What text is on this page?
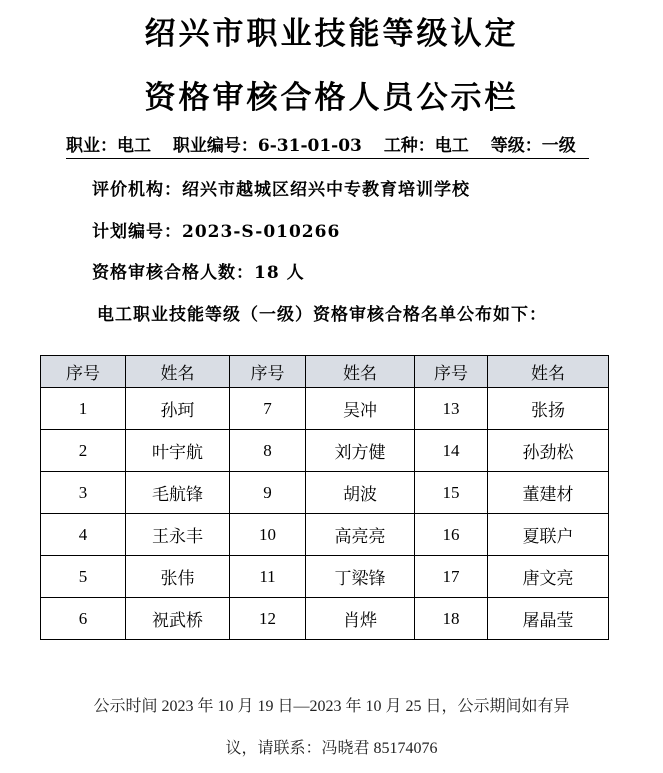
绍兴市职业技能等级认定
资格审核合格人员公示栏
职业：电工 职业编号：6-31-01-03 工种：电工 等级：一级
评价机构：绍兴市越城区绍兴中专教育培训学校
计划编号：2023-S-010266
资格审核合格人数：18 人
电工职业技能等级（一级）资格审核合格名单公布如下：
序号	姓名	序号	姓名	序号	姓名
1	孙珂	7	吴冲	13	张扬
2	叶宇航	8	刘方健	14	孙劲松
3	毛航锋	9	胡波	15	董建材
4	王永丰	10	高亮亮	16	夏联户
5	张伟	11	丁梁锋	17	唐文亮
6	祝武桥	12	肖烨	18	屠晶莹
公示时间 2023 年 10 月 19 日—2023 年 10 月 25 日，公示期间如有异
议，请联系：冯晓君 85174076
